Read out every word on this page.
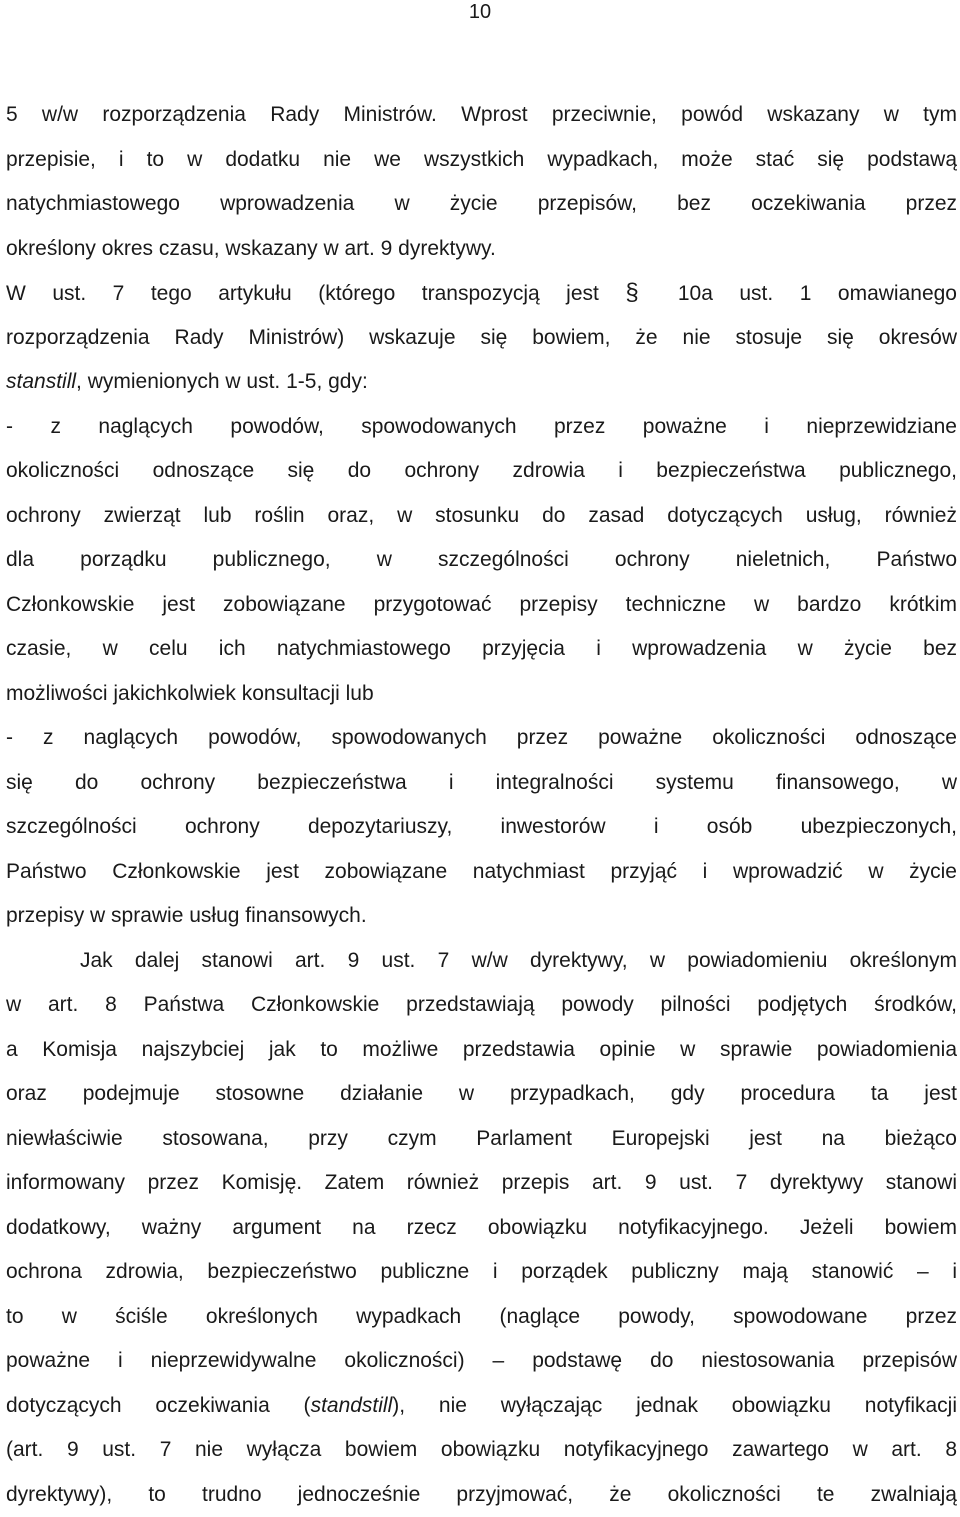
10
5 w/w rozporządzenia Rady Ministrów. Wprost przeciwnie, powód wskazany w tym
przepisie, i to w dodatku nie we wszystkich wypadkach, może stać się podstawą
natychmiastowego wprowadzenia w życie przepisów, bez oczekiwania przez
określony okres czasu, wskazany w art. 9 dyrektywy.
W ust. 7 tego artykułu (którego transpozycją jest § 10a ust. 1 omawianego
rozporządzenia Rady Ministrów) wskazuje się bowiem, że nie stosuje się okresów
stanstill, wymienionych w ust. 1-5, gdy:
- z naglących powodów, spowodowanych przez poważne i nieprzewidziane
okoliczności odnoszące się do ochrony zdrowia i bezpieczeństwa publicznego,
ochrony zwierząt lub roślin oraz, w stosunku do zasad dotyczących usług, również
dla porządku publicznego, w szczególności ochrony nieletnich, Państwo
Członkowskie jest zobowiązane przygotować przepisy techniczne w bardzo krótkim
czasie, w celu ich natychmiastowego przyjęcia i wprowadzenia w życie bez
możliwości jakichkolwiek konsultacji lub
- z naglących powodów, spowodowanych przez poważne okoliczności odnoszące
się do ochrony bezpieczeństwa i integralności systemu finansowego, w
szczególności ochrony depozytariuszy, inwestorów i osób ubezpieczonych,
Państwo Członkowskie jest zobowiązane natychmiast przyjąć i wprowadzić w życie
przepisy w sprawie usług finansowych.
Jak dalej stanowi art. 9 ust. 7 w/w dyrektywy, w powiadomieniu określonym
w art. 8 Państwa Członkowskie przedstawiają powody pilności podjętych środków,
a Komisja najszybciej jak to możliwe przedstawia opinie w sprawie powiadomienia
oraz podejmuje stosowne działanie w przypadkach, gdy procedura ta jest
niewłaściwie stosowana, przy czym Parlament Europejski jest na bieżąco
informowany przez Komisję. Zatem również przepis art. 9 ust. 7 dyrektywy stanowi
dodatkowy, ważny argument na rzecz obowiązku notyfikacyjnego. Jeżeli bowiem
ochrona zdrowia, bezpieczeństwo publiczne i porządek publiczny mają stanowić – i
to w ściśle określonych wypadkach (naglące powody, spowodowane przez
poważne i nieprzewidywalne okoliczności) – podstawę do niestosowania przepisów
dotyczących oczekiwania (standstill), nie wyłączając jednak obowiązku notyfikacji
(art. 9 ust. 7 nie wyłącza bowiem obowiązku notyfikacyjnego zawartego w art. 8
dyrektywy), to trudno jednocześnie przyjmować, że okoliczności te zwalniają
